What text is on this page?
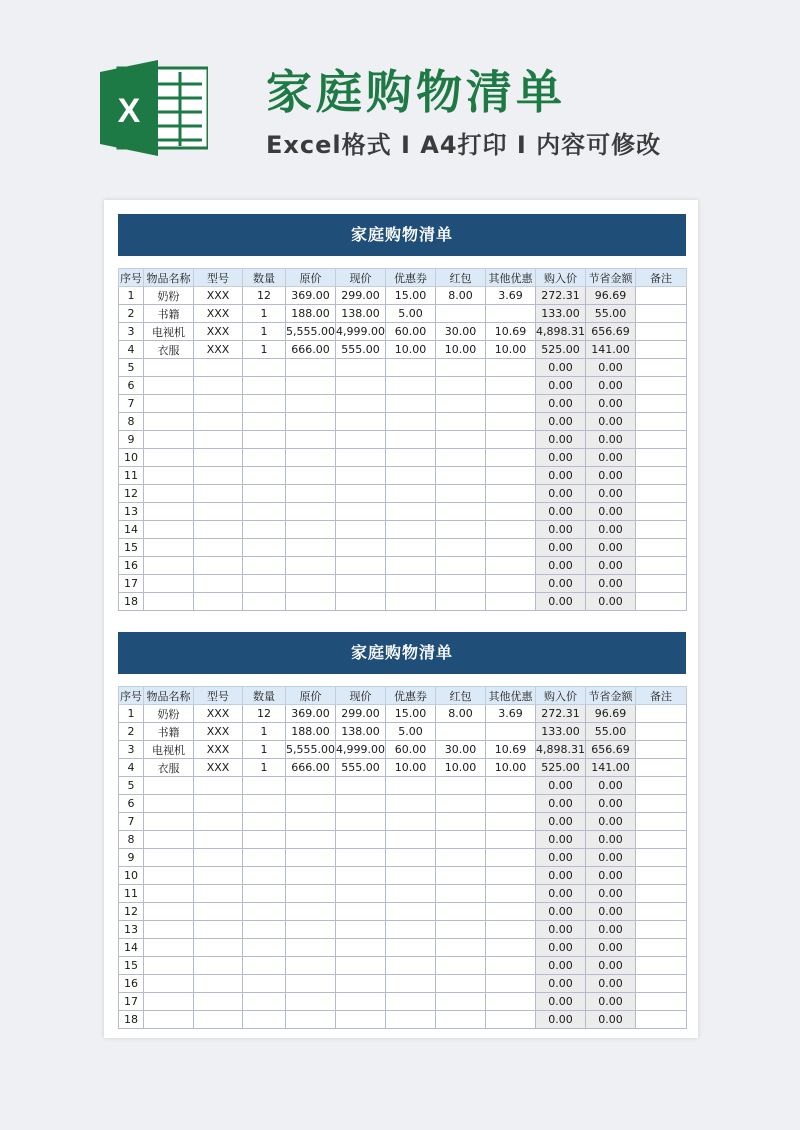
X	家庭购物清单
Excel格式 I A4打印 I 内容可修改
家庭购物清单
序号	物品名称	型号	数量	原价	现价	优惠券	红包	其他优惠	购入价	节省金额	备注
1	奶粉	XXX	12	369.00	299.00	15.00	8.00	3.69	272.31	96.69	
2	书籍	XXX	1	188.00	138.00	5.00			133.00	55.00	
3	电视机	XXX	1	5,555.00	4,999.00	60.00	30.00	10.69	4,898.31	656.69	
4	衣服	XXX	1	666.00	555.00	10.00	10.00	10.00	525.00	141.00	
5									0.00	0.00	
6									0.00	0.00	
7									0.00	0.00	
8									0.00	0.00	
9									0.00	0.00	
10									0.00	0.00	
11									0.00	0.00	
12									0.00	0.00	
13									0.00	0.00	
14									0.00	0.00	
15									0.00	0.00	
16									0.00	0.00	
17									0.00	0.00	
18									0.00	0.00	
家庭购物清单
序号	物品名称	型号	数量	原价	现价	优惠券	红包	其他优惠	购入价	节省金额	备注
1	奶粉	XXX	12	369.00	299.00	15.00	8.00	3.69	272.31	96.69	
2	书籍	XXX	1	188.00	138.00	5.00			133.00	55.00	
3	电视机	XXX	1	5,555.00	4,999.00	60.00	30.00	10.69	4,898.31	656.69	
4	衣服	XXX	1	666.00	555.00	10.00	10.00	10.00	525.00	141.00	
5									0.00	0.00	
6									0.00	0.00	
7									0.00	0.00	
8									0.00	0.00	
9									0.00	0.00	
10									0.00	0.00	
11									0.00	0.00	
12									0.00	0.00	
13									0.00	0.00	
14									0.00	0.00	
15									0.00	0.00	
16									0.00	0.00	
17									0.00	0.00	
18									0.00	0.00	
